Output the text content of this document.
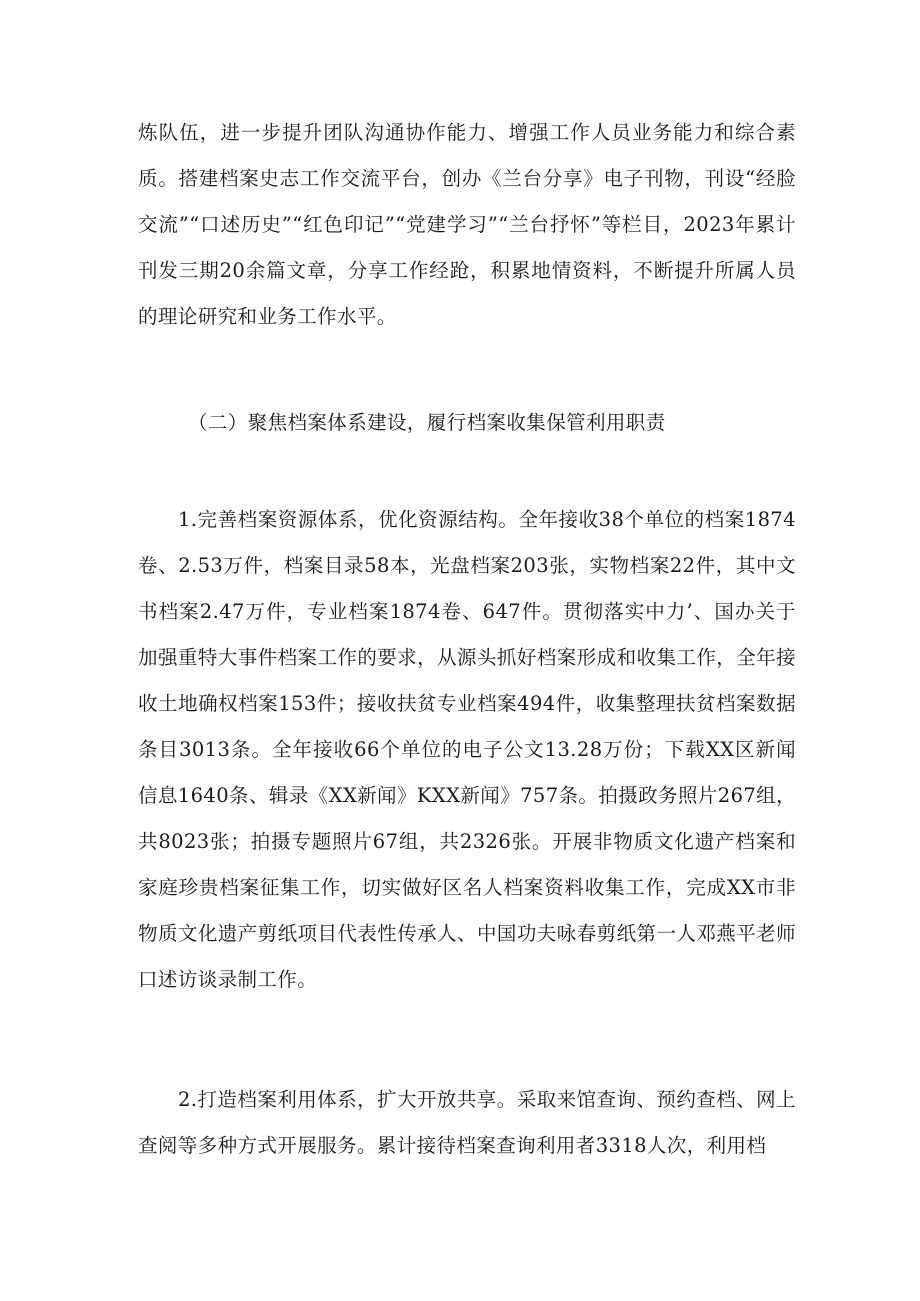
炼队伍，进一步提升团队沟通协作能力、增强工作人员业务能力和综合素质。搭建档案史志工作交流平台，创办《兰台分享》电子刊物，刊设“经脸交流”“口述历史”“红色印记”“党建学习”“兰台抒怀”等栏目，2023年累计刊发三期20余篇文章，分享工作经跄，积累地情资料，不断提升所属人员的理论研究和业务工作水平。

（二）聚焦档案体系建设，履行档案收集保管利用职责

1.完善档案资源体系，优化资源结构。全年接收38个单位的档案1874卷、2.53万件，档案目录58本，光盘档案203张，实物档案22件，其中文书档案2.47万件，专业档案1874卷、647件。贯彻落实中力’、国办关于加强重特大事件档案工作的要求，从源头抓好档案形成和收集工作，全年接收土地确权档案153件；接收扶贫专业档案494件，收集整理扶贫档案数据条目3013条。全年接收66个单位的电子公文13.28万份；下载XX区新闻信息1640条、辑录《XX新闻》KXX新闻》757条。拍摄政务照片267组，共8023张；拍摄专题照片67组，共2326张。开展非物质文化遗产档案和家庭珍贵档案征集工作，切实做好区名人档案资料收集工作，完成XX市非物质文化遗产剪纸项目代表性传承人、中国功夫咏春剪纸第一人邓燕平老师口述访谈录制工作。

2.打造档案利用体系，扩大开放共享。采取来馆查询、预约查档、网上查阅等多种方式开展服务。累计接待档案查询利用者3318人次，利用档
